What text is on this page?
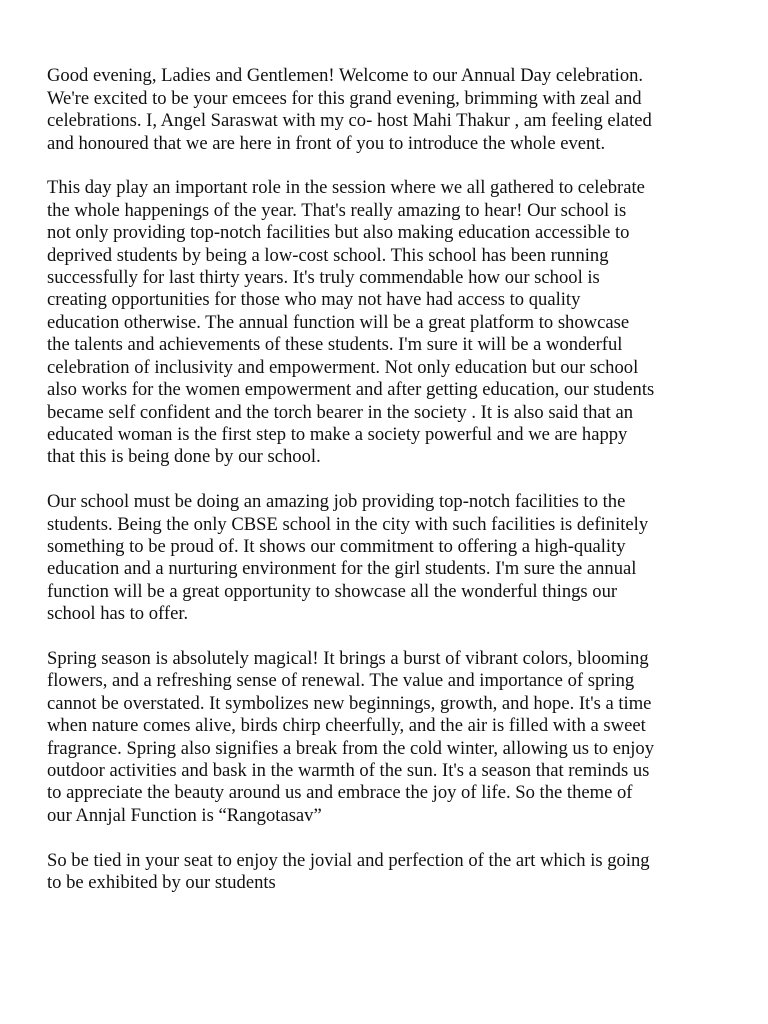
Good evening, Ladies and Gentlemen! Welcome to our Annual Day celebration.
We're excited to be your emcees for this grand evening, brimming with zeal and
celebrations. I, Angel Saraswat with my co- host Mahi Thakur , am feeling elated
and honoured that we are here in front of you to introduce the whole event.

This day play an important role in the session where we all gathered to celebrate
the whole happenings of the year. That's really amazing to hear! Our school is
not only providing top-notch facilities but also making education accessible to
deprived students by being a low-cost school. This school has been running
successfully for last thirty years. It's truly commendable how our school is
creating opportunities for those who may not have had access to quality
education otherwise. The annual function will be a great platform to showcase
the talents and achievements of these students. I'm sure it will be a wonderful
celebration of inclusivity and empowerment. Not only education but our school
also works for the women empowerment and after getting education, our students
became self confident and the torch bearer in the society . It is also said that an
educated woman is the first step to make a society powerful and we are happy
that this is being done by our school.

Our school must be doing an amazing job providing top-notch facilities to the
students. Being the only CBSE school in the city with such facilities is definitely
something to be proud of. It shows our commitment to offering a high-quality
education and a nurturing environment for the girl students. I'm sure the annual
function will be a great opportunity to showcase all the wonderful things our
school has to offer.

Spring season is absolutely magical! It brings a burst of vibrant colors, blooming
flowers, and a refreshing sense of renewal. The value and importance of spring
cannot be overstated. It symbolizes new beginnings, growth, and hope. It's a time
when nature comes alive, birds chirp cheerfully, and the air is filled with a sweet
fragrance. Spring also signifies a break from the cold winter, allowing us to enjoy
outdoor activities and bask in the warmth of the sun. It's a season that reminds us
to appreciate the beauty around us and embrace the joy of life. So the theme of
our Annjal Function is “Rangotasav”

So be tied in your seat to enjoy the jovial and perfection of the art which is going
to be exhibited by our students
